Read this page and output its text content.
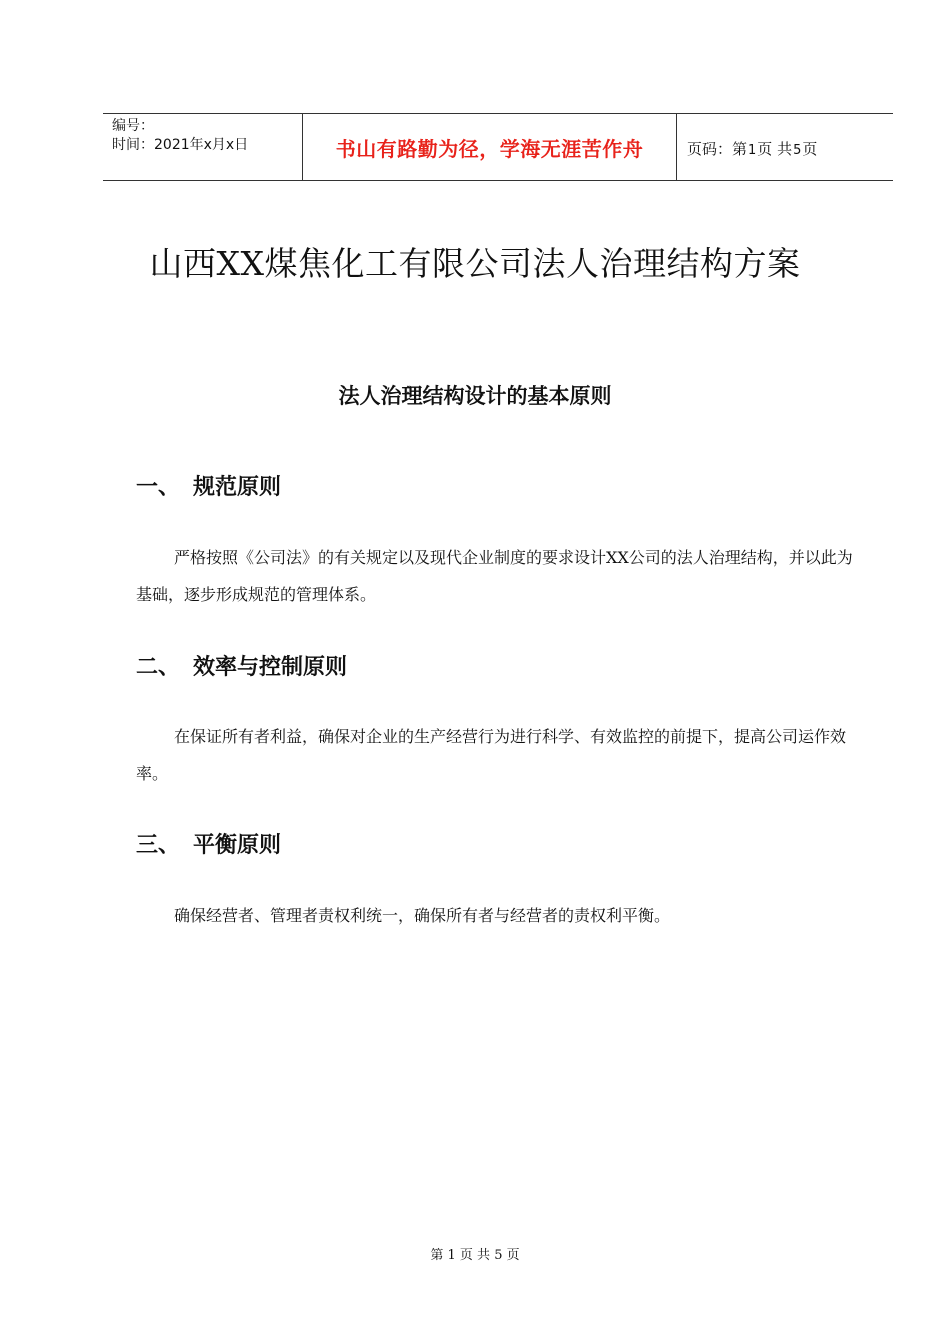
编号：
时间：2021年x月x日	书山有路勤为径，学海无涯苦作舟	页码：第1页 共5页
山西XX煤焦化工有限公司法人治理结构方案
法人治理结构设计的基本原则
一、 规范原则

严格按照《公司法》的有关规定以及现代企业制度的要求设计XX公司的法人治理结构，并以此为基础，逐步形成规范的管理体系。

二、 效率与控制原则

在保证所有者利益，确保对企业的生产经营行为进行科学、有效监控的前提下，提高公司运作效率。

三、 平衡原则

确保经营者、管理者责权利统一，确保所有者与经营者的责权利平衡。

第 1 页 共 5 页
